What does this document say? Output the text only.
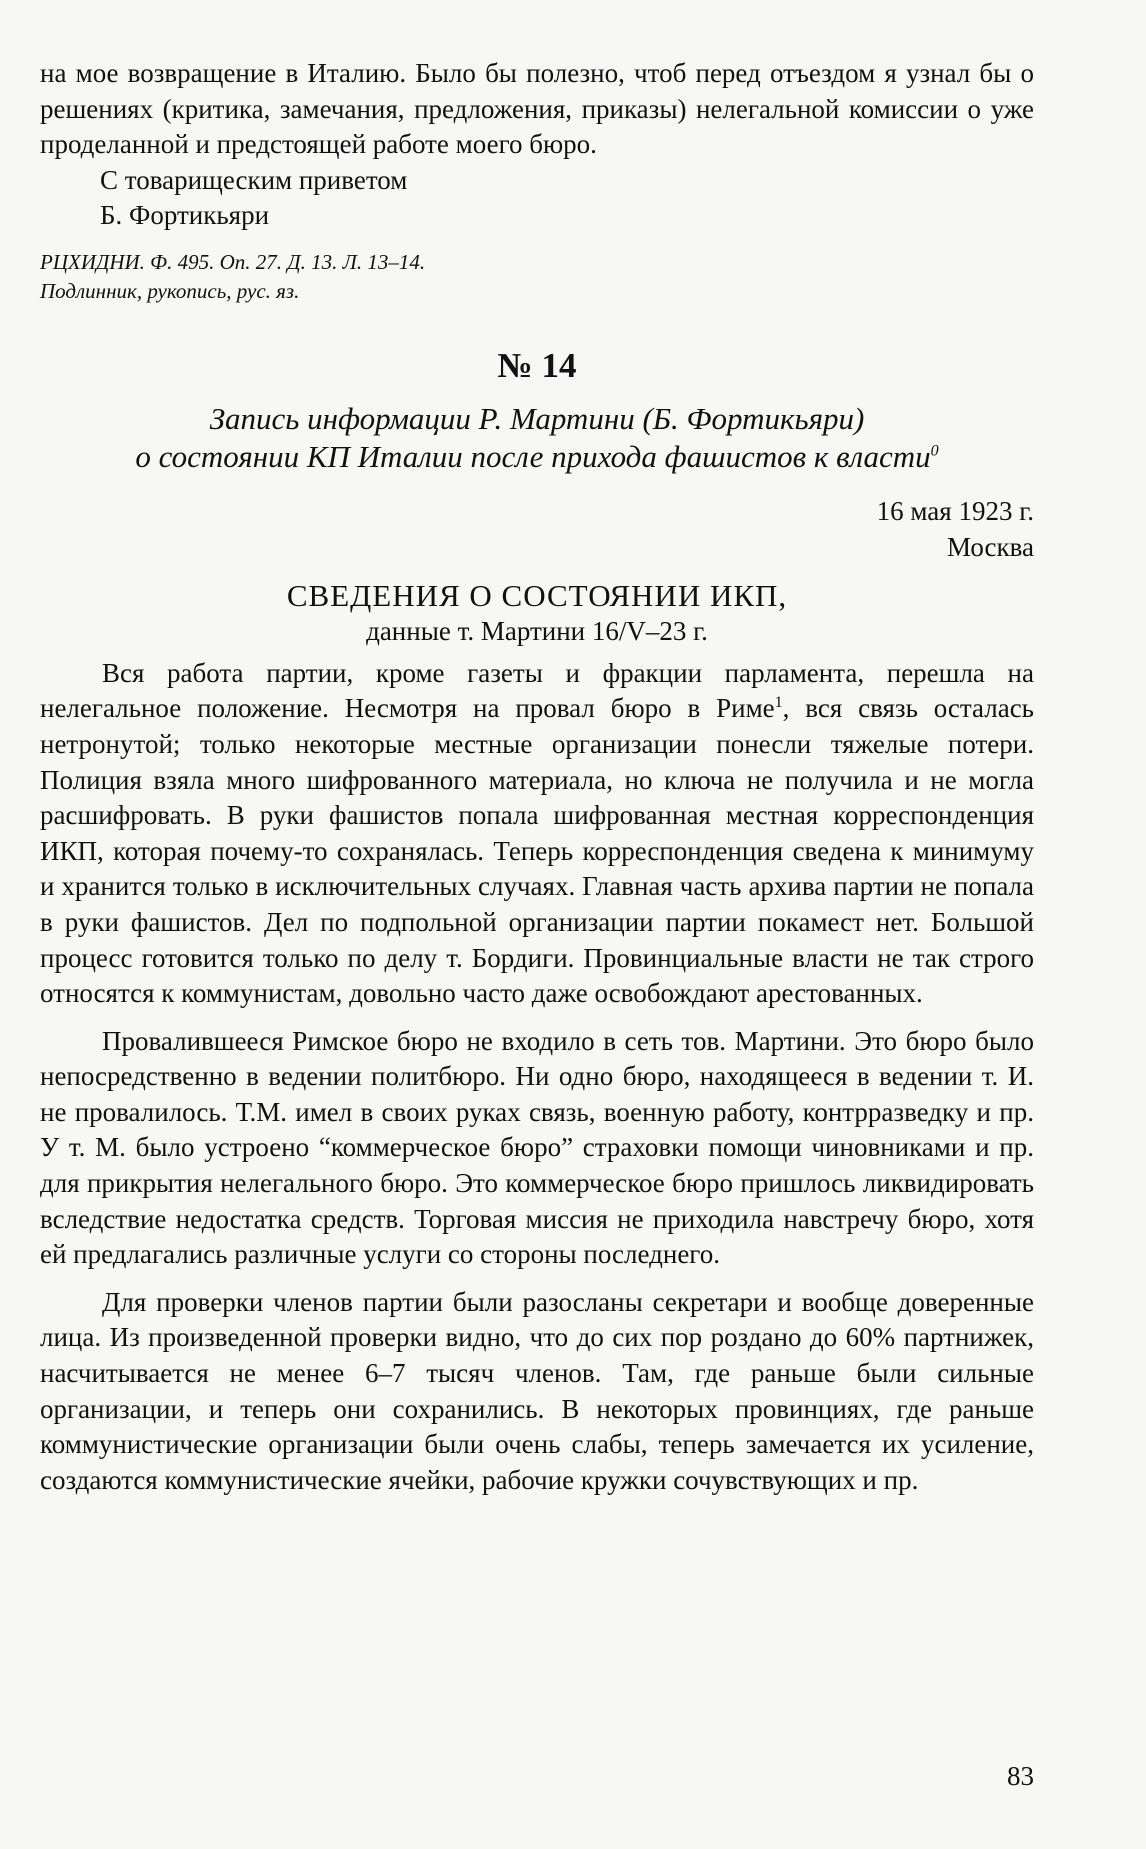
на мое возвращение в Италию. Было бы полезно, чтоб перед отъездом я узнал бы о решениях (критика, замечания, предложения, приказы) нелегальной комиссии о уже проделанной и предстоящей работе моего бюро.

С товарищеским приветом

Б. Фортикьяри

РЦХИДНИ. Ф. 495. Оп. 27. Д. 13. Л. 13–14.
Подлинник, рукопись, рус. яз.

№ 14

Запись информации Р. Мартини (Б. Фортикьяри)
о состоянии КП Италии после прихода фашистов к власти$^0$

16 мая 1923 г.

Москва

СВЕДЕНИЯ О СОСТОЯНИИ ИКП,

данные т. Мартини 16/V–23 г.

Вся работа партии, кроме газеты и фракции парламента, перешла на нелегальное положение. Несмотря на провал бюро в Риме$^1$, вся связь осталась нетронутой; только некоторые местные организации понесли тяжелые потери. Полиция взяла много шифрованного материала, но ключа не получила и не могла расшифровать. В руки фашистов попала шифрованная местная корреспонденция ИКП, которая почему-то сохранялась. Теперь корреспонденция сведена к минимуму и хранится только в исключительных случаях. Главная часть архива партии не попала в руки фашистов. Дел по подпольной организации партии покамест нет. Большой процесс готовится только по делу т. Бордиги. Провинциальные власти не так строго относятся к коммунистам, довольно часто даже освобождают арестованных.

Провалившееся Римское бюро не входило в сеть тов. Мартини. Это бюро было непосредственно в ведении политбюро. Ни одно бюро, находящееся в ведении т. И. не провалилось. Т.М. имел в своих руках связь, военную работу, контрразведку и пр. У т. М. было устроено “коммерческое бюро” страховки помощи чиновниками и пр. для прикрытия нелегального бюро. Это коммерческое бюро пришлось ликвидировать вследствие недостатка средств. Торговая миссия не приходила навстречу бюро, хотя ей предлагались различные услуги со стороны последнего.

Для проверки членов партии были разосланы секретари и вообще доверенные лица. Из произведенной проверки видно, что до сих пор роздано до 60% партнижек, насчитывается не менее 6–7 тысяч членов. Там, где раньше были сильные организации, и теперь они сохранились. В некоторых провинциях, где раньше коммунистические организации были очень слабы, теперь замечается их усиление, создаются коммунистические ячейки, рабочие кружки сочувствующих и пр.

83
